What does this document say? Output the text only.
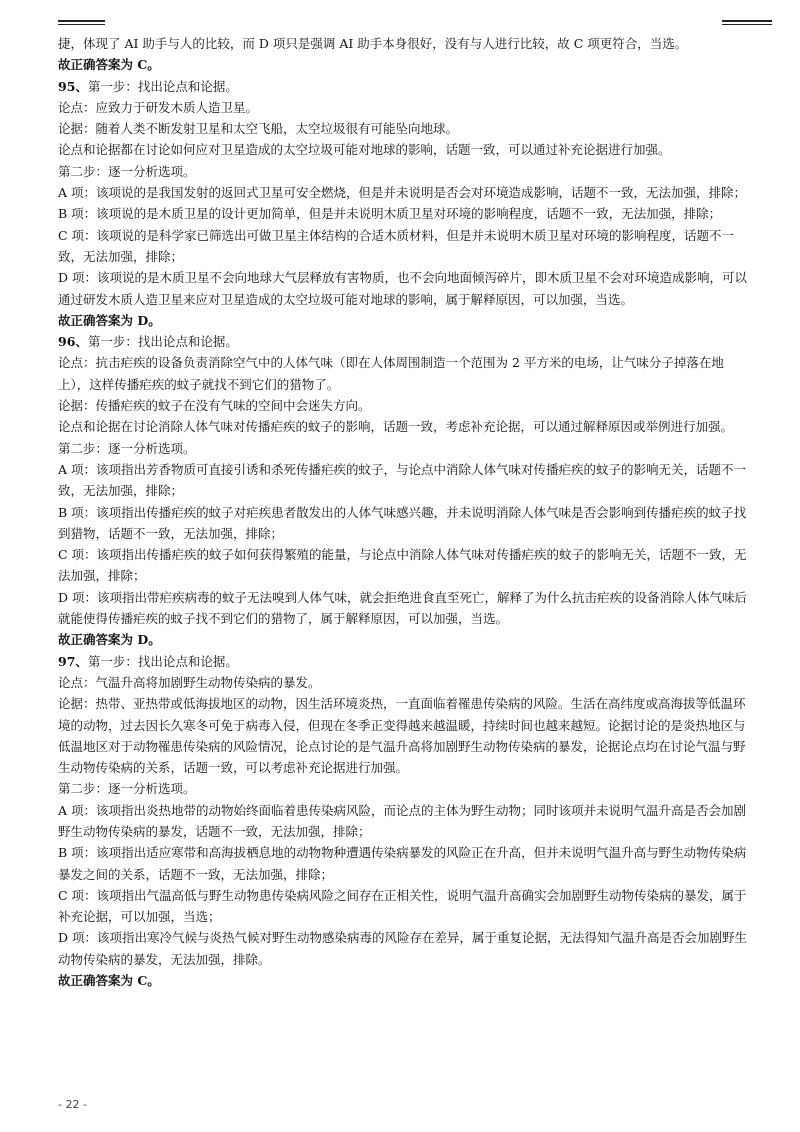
捷，体现了 AI 助手与人的比较，而 D 项只是强调 AI 助手本身很好，没有与人进行比较，故 C 项更符合，当选。

故正确答案为 C。

95、第一步：找出论点和论据。

论点：应致力于研发木质人造卫星。

论据：随着人类不断发射卫星和太空飞船，太空垃圾很有可能坠向地球。

论点和论据都在讨论如何应对卫星造成的太空垃圾可能对地球的影响，话题一致，可以通过补充论据进行加强。

第二步：逐一分析选项。

A 项：该项说的是我国发射的返回式卫星可安全燃烧，但是并未说明是否会对环境造成影响，话题不一致，无法加强，排除；

B 项：该项说的是木质卫星的设计更加简单，但是并未说明木质卫星对环境的影响程度，话题不一致，无法加强，排除；

C 项：该项说的是科学家已筛选出可做卫星主体结构的合适木质材料，但是并未说明木质卫星对环境的影响程度，话题不一致，无法加强，排除；

D 项：该项说的是木质卫星不会向地球大气层释放有害物质，也不会向地面倾泻碎片，即木质卫星不会对环境造成影响，可以通过研发木质人造卫星来应对卫星造成的太空垃圾可能对地球的影响，属于解释原因，可以加强，当选。

故正确答案为 D。

96、第一步：找出论点和论据。

论点：抗击疟疾的设备负责消除空气中的人体气味（即在人体周围制造一个范围为 2 平方米的电场，让气味分子掉落在地上），这样传播疟疾的蚊子就找不到它们的猎物了。

论据：传播疟疾的蚊子在没有气味的空间中会迷失方向。

论点和论据在讨论消除人体气味对传播疟疾的蚊子的影响，话题一致，考虑补充论据，可以通过解释原因或举例进行加强。

第二步：逐一分析选项。

A 项：该项指出芳香物质可直接引诱和杀死传播疟疾的蚊子，与论点中消除人体气味对传播疟疾的蚊子的影响无关，话题不一致，无法加强，排除；

B 项：该项指出传播疟疾的蚊子对疟疾患者散发出的人体气味感兴趣，并未说明消除人体气味是否会影响到传播疟疾的蚊子找到猎物，话题不一致，无法加强，排除；

C 项：该项指出传播疟疾的蚊子如何获得繁殖的能量，与论点中消除人体气味对传播疟疾的蚊子的影响无关，话题不一致，无法加强，排除；

D 项：该项指出带疟疾病毒的蚊子无法嗅到人体气味，就会拒绝进食直至死亡，解释了为什么抗击疟疾的设备消除人体气味后就能使得传播疟疾的蚊子找不到它们的猎物了，属于解释原因，可以加强，当选。

故正确答案为 D。

97、第一步：找出论点和论据。

论点：气温升高将加剧野生动物传染病的暴发。

论据：热带、亚热带或低海拔地区的动物，因生活环境炎热，一直面临着罹患传染病的风险。生活在高纬度或高海拔等低温环境的动物，过去因长久寒冬可免于病毒入侵，但现在冬季正变得越来越温暖，持续时间也越来越短。论据讨论的是炎热地区与低温地区对于动物罹患传染病的风险情况，论点讨论的是气温升高将加剧野生动物传染病的暴发，论据论点均在讨论气温与野生动物传染病的关系，话题一致，可以考虑补充论据进行加强。

第二步：逐一分析选项。

A 项：该项指出炎热地带的动物始终面临着患传染病风险，而论点的主体为野生动物；同时该项并未说明气温升高是否会加剧野生动物传染病的暴发，话题不一致，无法加强，排除；

B 项：该项指出适应寒带和高海拔栖息地的动物物种遭遇传染病暴发的风险正在升高，但并未说明气温升高与野生动物传染病暴发之间的关系，话题不一致，无法加强，排除；

C 项：该项指出气温高低与野生动物患传染病风险之间存在正相关性，说明气温升高确实会加剧野生动物传染病的暴发，属于补充论据，可以加强，当选；

D 项：该项指出寒冷气候与炎热气候对野生动物感染病毒的风险存在差异，属于重复论据，无法得知气温升高是否会加剧野生动物传染病的暴发，无法加强，排除。

故正确答案为 C。

- 22 -
